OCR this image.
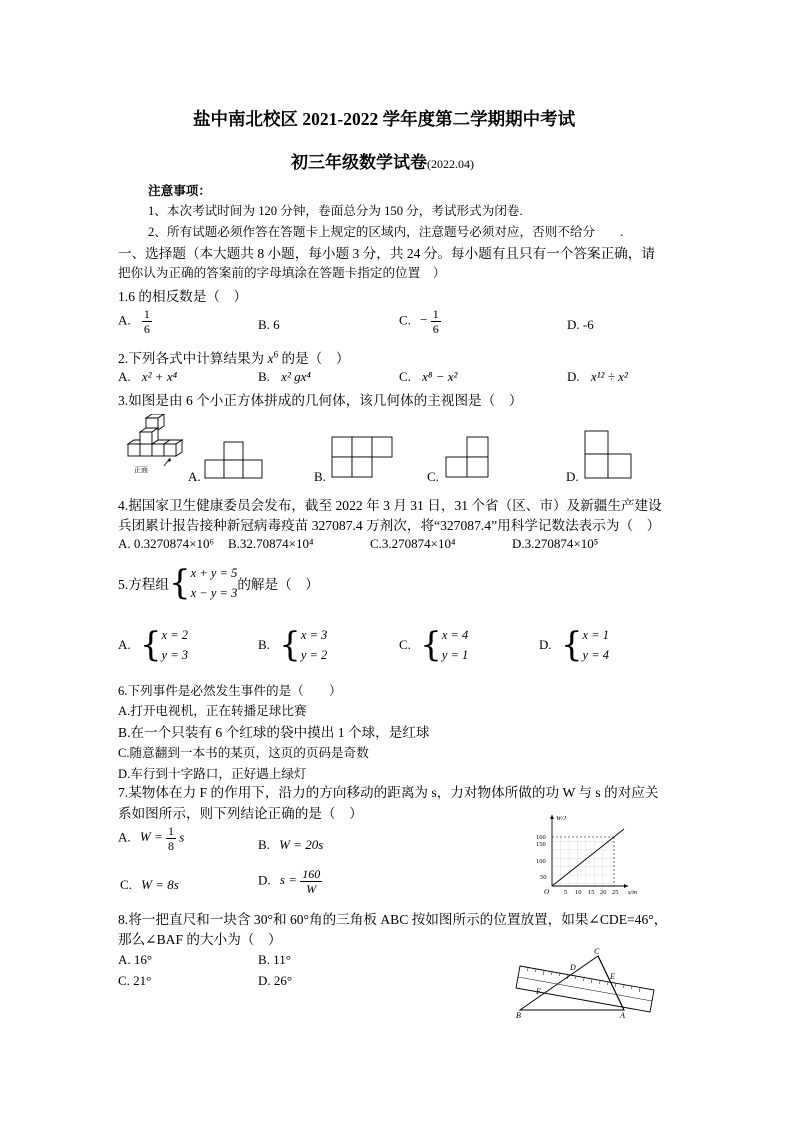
盐中南北校区 2021-2022 学年度第二学期期中考试
初三年级数学试卷(2022.04)
注意事项：
1、本次考试时间为 120 分钟，卷面总分为 150 分，考试形式为闭卷.
2、所有试题必须作答在答题卡上规定的区域内，注意题号必须对应，否则不给分　　.
一、选择题（本大题共 8 小题，每小题 3 分，共 24 分。每小题有且只有一个答案正确，请
把你认为正确的答案前的字母填涂在答题卡指定的位置　）
1.6 的相反数是（　）
A. $\frac{1}{6}$	B. 6	C. − $\frac{1}{6}$	D. -6
2.下列各式中计算结果为 $x^6$ 的是（　）
A. x² + x⁴	B. x² gx⁴	C. x⁸ − x²	D. x¹² ÷ x²
3.如图是由 6 个小正方体拼成的几何体，该几何体的主视图是（　）
正面	A.	B.	C.	D.
4.据国家卫生健康委员会发布，截至 2022 年 3 月 31 日，31 个省（区、市）及新疆生产建设
兵团累计报告接种新冠病毒疫苗 327087.4 万剂次，将“327087.4”用科学记数法表示为（　）
A. 0.3270874×10⁶ B.32.70874×10⁴	C.3.270874×10⁴	D.3.270874×10⁵
5.方程组{ x + y = 5
x − y = 3
的解是（　）
A. { x = 2
y = 3
B. { x = 3
y = 2
C. { x = 4
y = 1
D. { x = 1
y = 4
6.下列事件是必然发生事件的是（　　）
A.打开电视机，正在转播足球比赛
B.在一个只装有 6 个红球的袋中摸出 1 个球，是红球
C.随意翻到一本书的某页，这页的页码是奇数
D.车行到十字路口，正好遇上绿灯
7.某物体在力 F 的作用下，沿力的方向移动的距离为 s，力对物体所做的功 W 与 s 的对应关
系如图所示，则下列结论正确的是（　）
A. $W = \frac{1}{8}$ s
B. W = 20s
C. W = 8s	D. $s = \frac{160}{W}$
W/J
s/m
O
160
150
100
50
5 10 15 20 25
8.将一把直尺和一块含 30°和 60°角的三角板 ABC 按如图所示的位置放置，如果∠CDE=46°，
那么∠BAF 的大小为（　）
A. 16°	B. 11°
C. 21°	D. 26°
C
D
E
F
B	A
